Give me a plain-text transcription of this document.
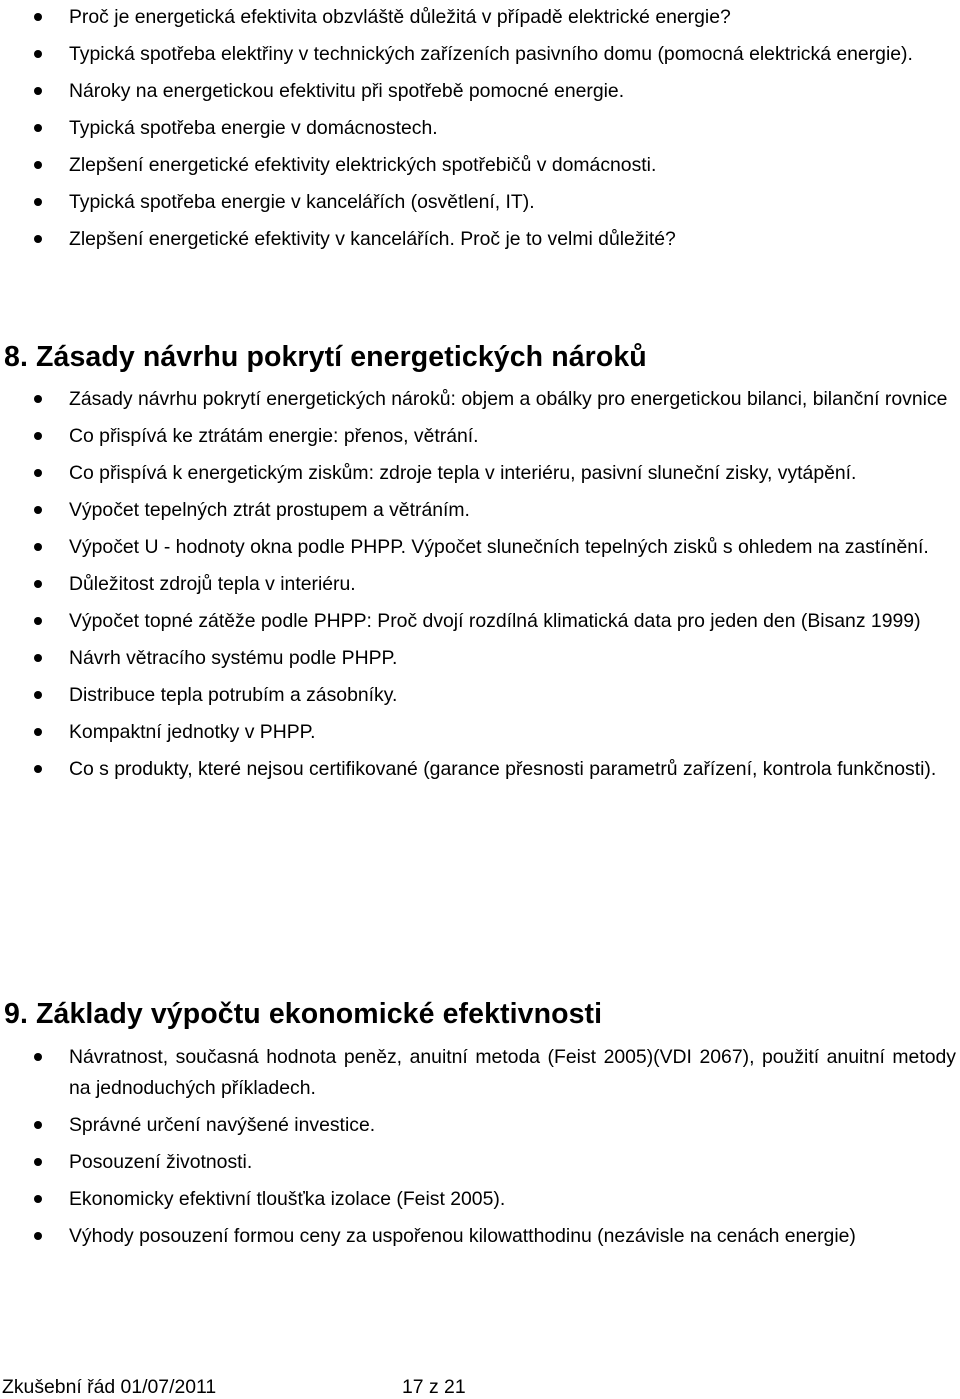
Proč je energetická efektivita obzvláště důležitá v případě elektrické energie?
Typická spotřeba elektřiny v technických zařízeních pasivního domu (pomocná elektrická energie).
Nároky na energetickou efektivitu při spotřebě pomocné energie.
Typická spotřeba energie v domácnostech.
Zlepšení energetické efektivity elektrických spotřebičů v domácnosti.
Typická spotřeba energie v kancelářích (osvětlení, IT).
Zlepšení energetické efektivity v kancelářích. Proč je to velmi důležité?
8. Zásady návrhu pokrytí energetických nároků
Zásady návrhu pokrytí energetických nároků: objem a obálky pro energetickou bilanci, bilanční rovnice
Co přispívá ke ztrátám energie: přenos, větrání.
Co přispívá k energetickým ziskům: zdroje tepla v interiéru, pasivní sluneční zisky, vytápění.
Výpočet tepelných ztrát prostupem a větráním.
Výpočet U - hodnoty okna podle PHPP. Výpočet slunečních tepelných zisků s ohledem na zastínění.
Důležitost zdrojů tepla v interiéru.
Výpočet topné zátěže podle PHPP: Proč dvojí rozdílná klimatická data pro jeden den (Bisanz 1999)
Návrh větracího systému podle PHPP.
Distribuce tepla potrubím a zásobníky.
Kompaktní jednotky v PHPP.
Co s produkty, které nejsou certifikované (garance přesnosti parametrů zařízení, kontrola funkčnosti).
9. Základy výpočtu ekonomické efektivnosti
Návratnost, současná hodnota peněz, anuitní metoda (Feist 2005)(VDI 2067), použití anuitní metody na jednoduchých příkladech.
Správné určení navýšené investice.
Posouzení životnosti.
Ekonomicky efektivní tloušťka izolace (Feist 2005).
Výhody posouzení formou ceny za uspořenou kilowatthodinu (nezávisle na cenách energie)
Zkušební řád 01/07/2011	17 z 21
